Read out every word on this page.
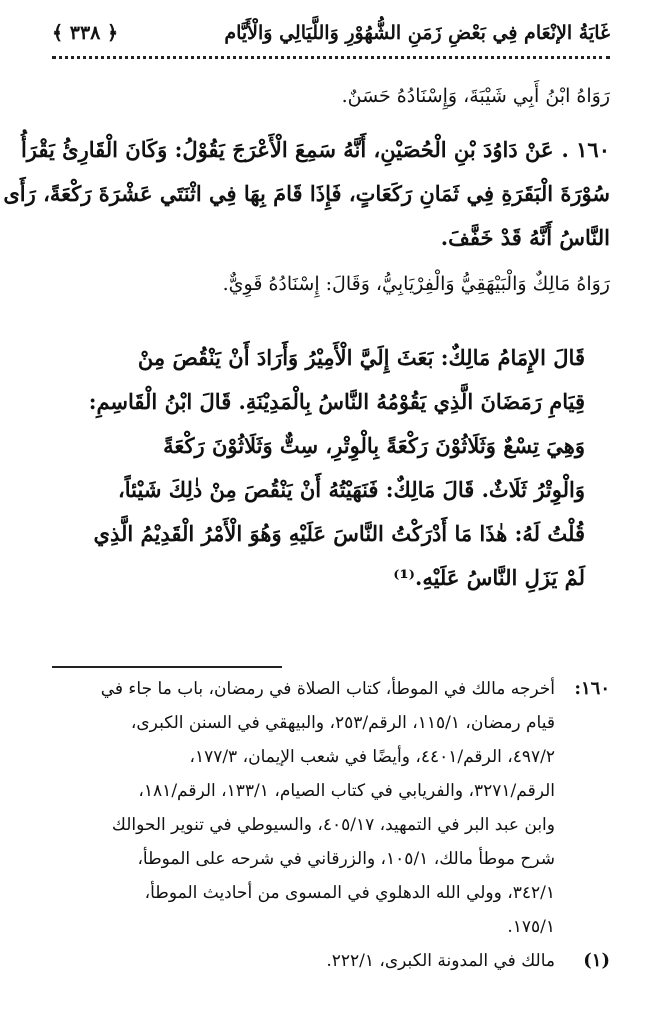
غَايَةُ الإنْعَام فِي بَعْضِ زَمَنِ الشُّهُوْرِ وَاللَّيَالِي وَالْأَيَّام
﴿ ٣٣٨ ﴾
رَوَاهُ ابْنُ أَبِي شَيْبَةَ، وَإِسْنَادُهُ حَسَنٌ.
١٦٠ .عَنْ دَاوُدَ بْنِ الْحُصَيْنِ، أَنَّهُ سَمِعَ الْأَعْرَجَ يَقُوْلُ: وَكَانَ الْقَارِئُ يَقْرَأُ
سُوْرَةَ الْبَقَرَةِ فِي ثَمَانِ رَكَعَاتٍ، فَإِذَا قَامَ بِهَا فِي اثْنَتَي عَشْرَةَ رَكْعَةً، رَأَى
النَّاسُ أَنَّهُ قَدْ خَفَّفَ.
رَوَاهُ مَالِكٌ وَالْبَيْهَقِيُّ وَالْفِرْيَابِيُّ، وَقَالَ: إِسْنَادُهُ قَوِيٌّ.
قَالَ الإِمَامُ مَالِكٌ: بَعَثَ إِلَيَّ الْأَمِيْرُ وَأَرَادَ أَنْ يَنْقُصَ مِنْ
قِيَامِ رَمَضَانَ الَّذِي يَقُوْمُهُ النَّاسُ بِالْمَدِيْنَةِ. قَالَ ابْنُ الْقَاسِمِ:
وَهِيَ تِسْعٌ وَثَلَاثُوْنَ رَكْعَةً بِالْوِتْرِ، سِتٌّ وَثَلَاثُوْنَ رَكْعَةً
وَالْوِتْرُ ثَلَاثٌ. قَالَ مَالِكٌ: فَنَهَيْتُهُ أَنْ يَنْقُصَ مِنْ ذٰلِكَ شَيْئاً،
قُلْتُ لَهُ: هٰذَا مَا أَدْرَكْتُ النَّاسَ عَلَيْهِ وَهُوَ الْأَمْرُ الْقَدِيْمُ الَّذِي
لَمْ يَزَلِ النَّاسُ عَلَيْهِ.⁽¹⁾
١٦٠:
أخرجه مالك في الموطأ، كتاب الصلاة في رمضان، باب ما جاء في
قيام رمضان، ١١٥/١، الرقم/٢٥٣، والبيهقي في السنن الكبرى،
٤٩٧/٢، الرقم/٤٤٠١، وأيضًا في شعب الإيمان، ١٧٧/٣،
الرقم/٣٢٧١، والفريابي في كتاب الصيام، ١٣٣/١، الرقم/١٨١،
وابن عبد البر في التمهيد، ٤٠٥/١٧، والسيوطي في تنوير الحوالك
شرح موطأ مالك، ١٠٥/١، والزرقاني في شرحه على الموطأ،
٣٤٢/١، وولي الله الدهلوي في المسوى من أحاديث الموطأ،
١٧٥/١.
(١)
مالك في المدونة الكبرى، ٢٢٢/١.
